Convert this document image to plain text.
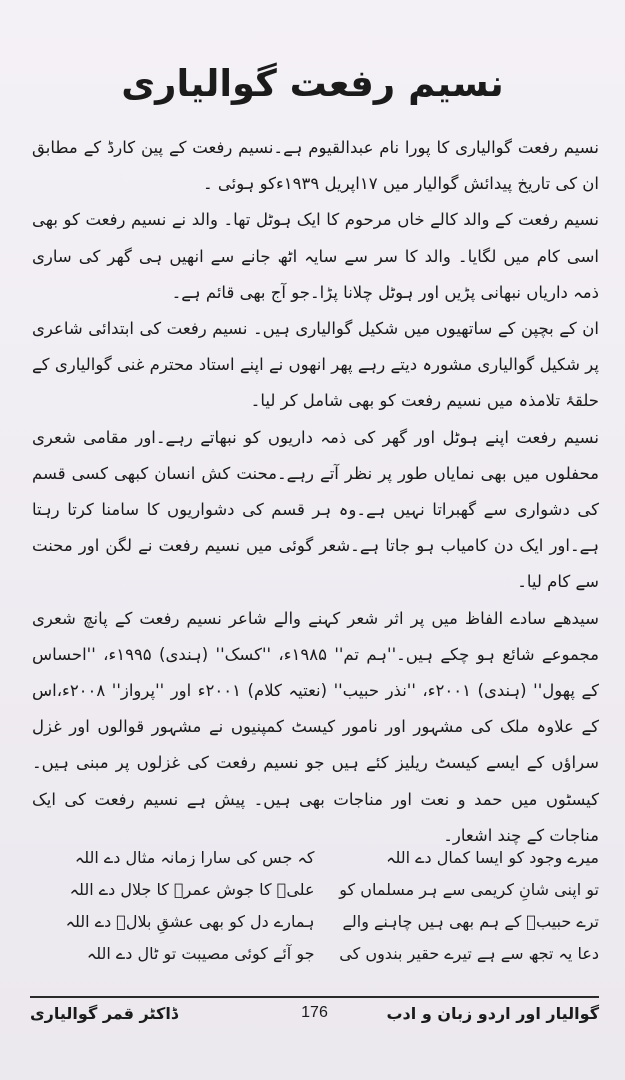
نسیم رفعت گوالیاری

نسیم رفعت گوالیاری کا پورا نام عبدالقیوم ہے۔نسیم رفعت کے پین کارڈ کے مطابق ان کی تاریخ پیدائش گوالیار میں ۱۷اپریل ۱۹۳۹ءکو ہوئی ۔

نسیم رفعت کے والد کالے خاں مرحوم کا ایک ہوٹل تھا۔ والد نے نسیم رفعت کو بھی اسی کام میں لگایا۔ والد کا سر سے سایہ اٹھ جانے سے انھیں ہی گھر کی ساری ذمہ داریاں نبھانی پڑیں اور ہوٹل چلانا پڑا۔جو آج بھی قائم ہے۔

ان کے بچپن کے ساتھیوں میں شکیل گوالیاری ہیں۔ نسیم رفعت کی ابتدائی شاعری پر شکیل گوالیاری مشورہ دیتے رہے پھر انھوں نے اپنے استاد محترم غنی گوالیاری کے حلقۂ تلامذہ میں نسیم رفعت کو بھی شامل کر لیا۔

نسیم رفعت اپنے ہوٹل اور گھر کی ذمہ داریوں کو نبھاتے رہے۔اور مقامی شعری محفلوں میں بھی نمایاں طور پر نظر آتے رہے۔محنت کش انسان کبھی کسی قسم کی دشواری سے گھبراتا نہیں ہے۔وہ ہر قسم کی دشواریوں کا سامنا کرتا رہتا ہے۔اور ایک دن کامیاب ہو جاتا ہے۔شعر گوئی میں نسیم رفعت نے لگن اور محنت سے کام لیا۔

سیدھے سادے الفاظ میں پر اثر شعر کہنے والے شاعر نسیم رفعت کے پانچ شعری مجموعے شائع ہو چکے ہیں۔''ہم تم'' ۱۹۸۵ء، ''کسک'' (ہندی) ۱۹۹۵ء، ''احساس کے پھول'' (ہندی) ۲۰۰۱ء، ''نذر حبیب'' (نعتیہ کلام) ۲۰۰۱ء اور ''پرواز'' ۲۰۰۸ء،اس کے علاوہ ملک کی مشہور اور نامور کیسٹ کمپنیوں نے مشہور قوالوں اور غزل سراؤں کے ایسے کیسٹ ریلیز کئے ہیں جو نسیم رفعت کی غزلوں پر مبنی ہیں۔کیسٹوں میں حمد و نعت اور مناجات بھی ہیں۔ پیش ہے نسیم رفعت کی ایک مناجات کے چند اشعار۔

میرے وجود کو ایسا کمال دے اللہ
تو اپنی شانِ کریمی سے ہر مسلماں کو
ترے حبیبؐ کے ہم بھی ہیں چاہنے والے
دعا یہ تجھ سے ہے تیرے حقیر بندوں کی
کہ جس کی سارا زمانہ مثال دے اللہ
علیؓ کا جوش عمرؓ کا جلال دے اللہ
ہمارے دل کو بھی عشقِ بلالؓ دے اللہ
جو آئے کوئی مصیبت تو ٹال دے اللہ
گوالیار اور اردو زبان و ادب
176
ڈاکٹر قمر گوالیاری
